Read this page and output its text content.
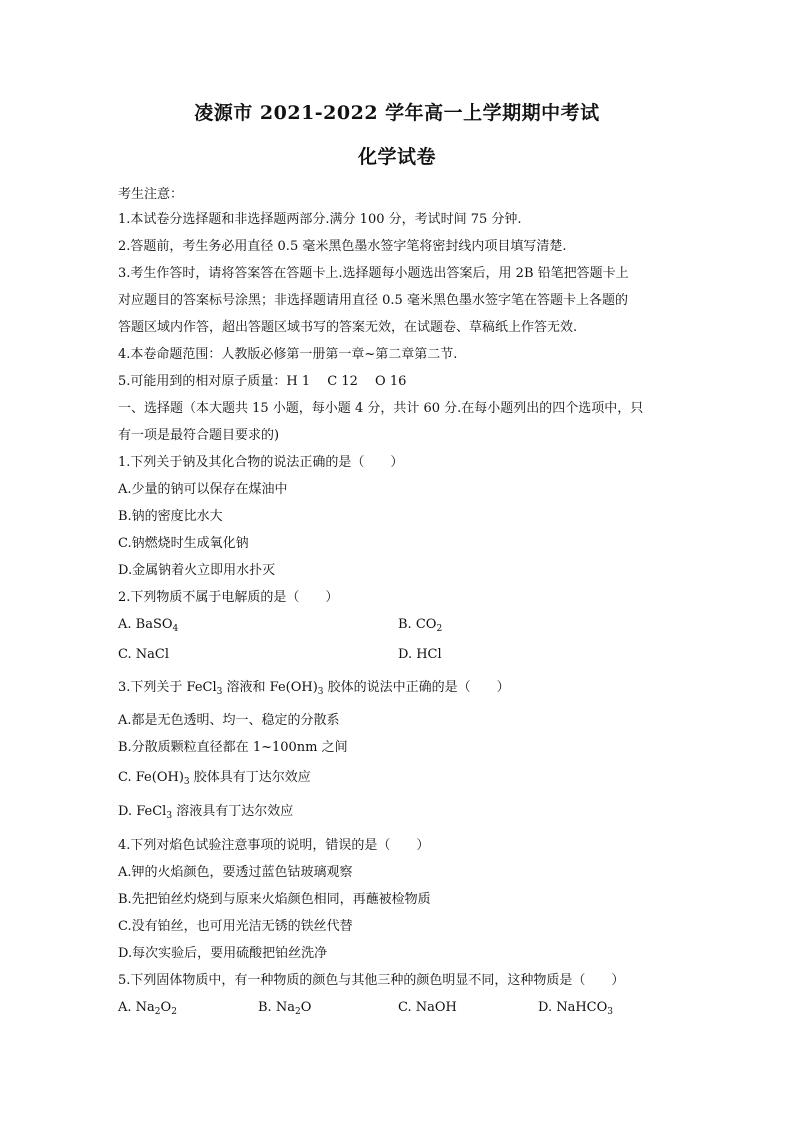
凌源市 2021-2022 学年高一上学期期中考试
化学试卷
考生注意：
1.本试卷分选择题和非选择题两部分.满分 100 分，考试时间 75 分钟.
2.答题前，考生务必用直径 0.5 毫米黑色墨水签字笔将密封线内项目填写清楚.
3.考生作答时，请将答案答在答题卡上.选择题每小题选出答案后，用 2B 铅笔把答题卡上
对应题目的答案标号涂黑；非选择题请用直径 0.5 毫米黑色墨水签字笔在答题卡上各题的
答题区域内作答，超出答题区域书写的答案无效，在试题卷、草稿纸上作答无效.
4.本卷命题范围：人教版必修第一册第一章~第二章第二节.
5.可能用到的相对原子质量：H 1　 C 12　 O 16
一、选择题（本大题共 15 小题，每小题 4 分，共计 60 分.在每小题列出的四个选项中，只
有一项是最符合题目要求的)
1.下列关于钠及其化合物的说法正确的是（　　）
A.少量的钠可以保存在煤油中
B.钠的密度比水大
C.钠燃烧时生成氧化钠
D.金属钠着火立即用水扑灭
2.下列物质不属于电解质的是（　　）
A. BaSO$_4$	B. $CO_2$
C. NaCl	D. HCl
3.下列关于 FeCl$_3$ 溶液和 $Fe(OH)_3$ 胶体的说法中正确的是（　　）
A.都是无色透明、均一、稳定的分散系
B.分散质颗粒直径都在 1~100nm 之间
C. $Fe(OH)_3$ 胶体具有丁达尔效应
D. FeCl$_3$ 溶液具有丁达尔效应
4.下列对焰色试验注意事项的说明，错误的是（　　）
A.钾的火焰颜色，要透过蓝色钴玻璃观察
B.先把铂丝灼烧到与原来火焰颜色相同，再蘸被检物质
C.没有铂丝，也可用光洁无锈的铁丝代替
D.每次实验后，要用硫酸把铂丝洗净
5.下列固体物质中，有一种物质的颜色与其他三种的颜色明显不同，这种物质是（　　）
A. $Na_2O_2$	B. $Na_2O$	C. NaOH	D. NaHCO$_3$
